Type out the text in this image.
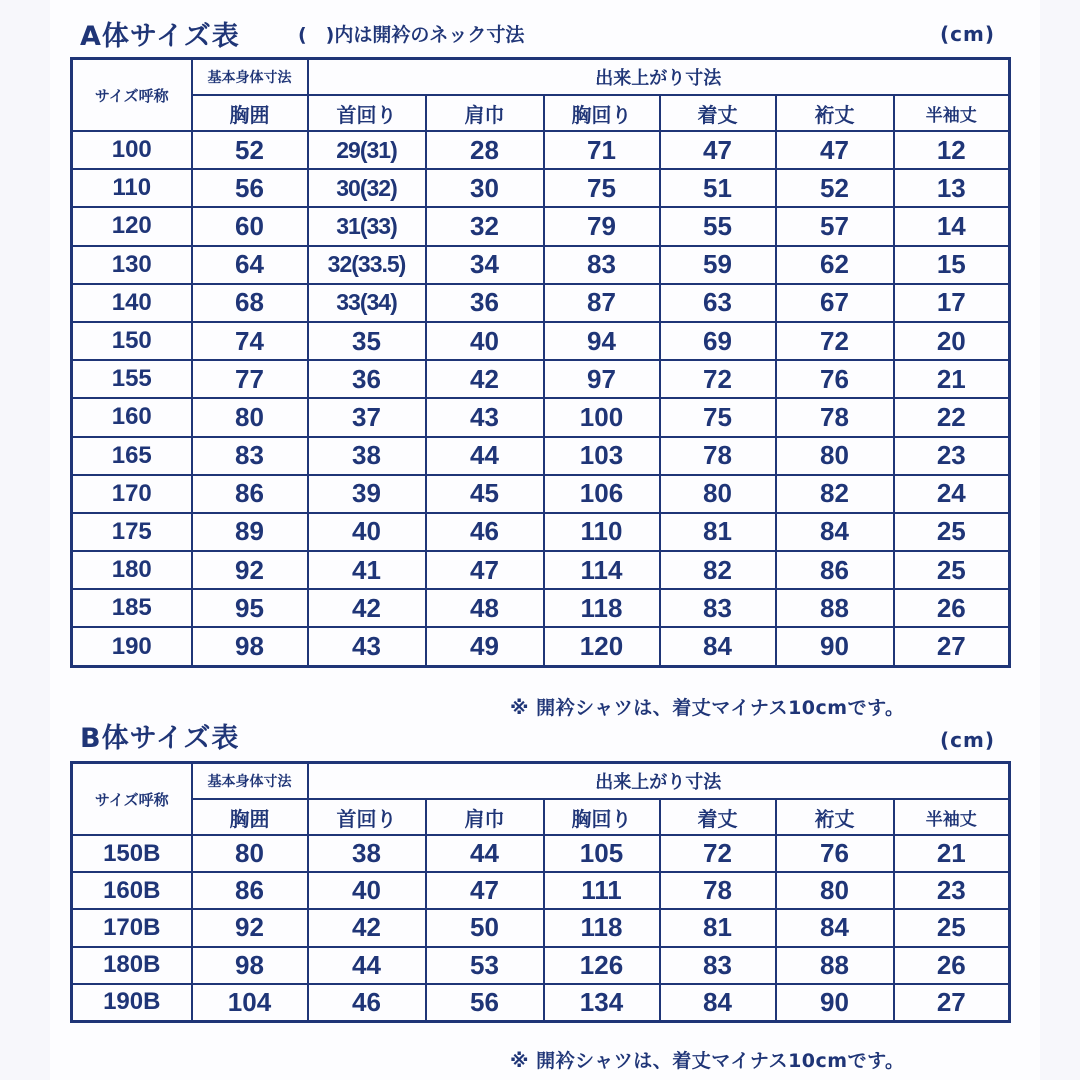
A体サイズ表	(　)内は開衿のネック寸法	(cm)
サイズ呼称	基本身体寸法	出来上がり寸法					
	胸囲	首回り	肩巾	胸回り	着丈	裄丈	半袖丈
100	52	29(31)	28	71	47	47	12
110	56	30(32)	30	75	51	52	13
120	60	31(33)	32	79	55	57	14
130	64	32(33.5)	34	83	59	62	15
140	68	33(34)	36	87	63	67	17
150	74	35	40	94	69	72	20
155	77	36	42	97	72	76	21
160	80	37	43	100	75	78	22
165	83	38	44	103	78	80	23
170	86	39	45	106	80	82	24
175	89	40	46	110	81	84	25
180	92	41	47	114	82	86	25
185	95	42	48	118	83	88	26
190	98	43	49	120	84	90	27
※ 開衿シャツは、着丈マイナス10cmです。
B体サイズ表	(cm)
サイズ呼称	基本身体寸法	出来上がり寸法					
	胸囲	首回り	肩巾	胸回り	着丈	裄丈	半袖丈
150B	80	38	44	105	72	76	21
160B	86	40	47	111	78	80	23
170B	92	42	50	118	81	84	25
180B	98	44	53	126	83	88	26
190B	104	46	56	134	84	90	27
※ 開衿シャツは、着丈マイナス10cmです。
